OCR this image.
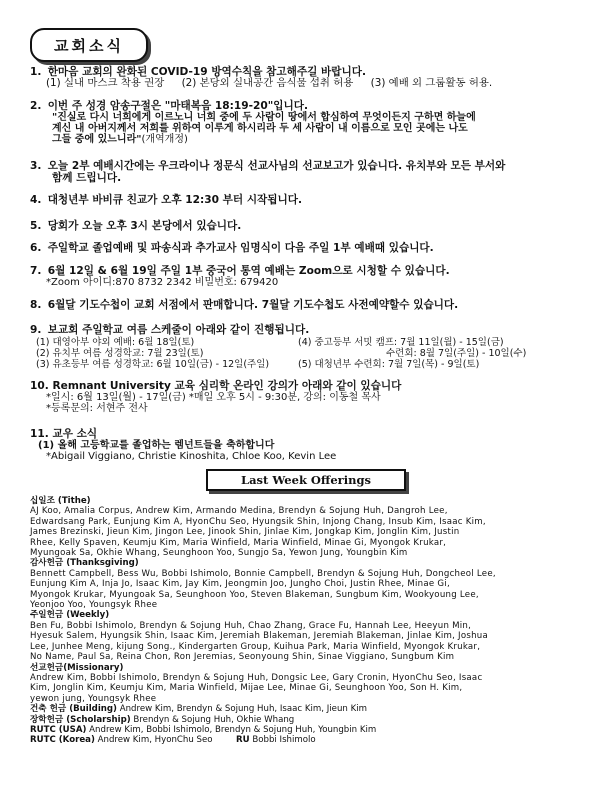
교회소식
1. 한마음 교회의 완화된 COVID-19 방역수칙을 참고해주길 바랍니다.
(1) 실내 마스크 착용 권장 (2) 본당외 실내공간 음식물 섭취 허용 (3) 예배 외 그룹활동 허용.
2. 이번 주 성경 암송구절은 "마태복음 18:19-20"입니다.
"진실로 다시 너희에게 이르노니 너희 중에 두 사람이 땅에서 합심하여 무엇이든지 구하면 하늘에
계신 내 아버지께서 저희를 위하여 이루게 하시리라 두 세 사람이 내 이름으로 모인 곳에는 나도
그들 중에 있느니라"(개역개정)
3. 오늘 2부 예배시간에는 우크라이나 정문식 선교사님의 선교보고가 있습니다. 유치부와 모든 부서와
함께 드립니다.
4. 대청년부 바비큐 친교가 오후 12:30 부터 시작됩니다.
5. 당회가 오늘 오후 3시 본당에서 있습니다.
6. 주일학교 졸업예배 및 파송식과 추가교사 임명식이 다음 주일 1부 예배때 있습니다.
7. 6월 12일 & 6월 19일 주일 1부 중국어 통역 예배는 Zoom으로 시청할 수 있습니다.
*Zoom 아이디:870 8732 2342 비밀번호: 679420
8. 6월달 기도수첩이 교회 서점에서 판매합니다. 7월달 기도수첩도 사전예약할수 있습니다.
9. 보교회 주일학교 여름 스케줄이 아래와 같이 진행됩니다.
(1) 대영아부 야외 예배: 6월 18일(토)	(4) 중고등부 서밋 캠프: 7월 11일(월) - 15일(금)
(2) 유치부 여름 성경학교: 7월 23일(토)	수련회: 8월 7일(주일) - 10일(수)
(3) 유초등부 여름 성경학교: 6월 10일(금) - 12일(주일)	(5) 대청년부 수련회: 7월 7일(목) - 9일(토)
10. Remnant University 교육 심리학 온라인 강의가 아래와 같이 있습니다
*일시: 6월 13일(월) - 17일(금) *매일 오후 5시 - 9:30분, 강의: 이동철 목사
*등록문의: 서현주 전사
11. 교우 소식
(1) 올해 고등학교를 졸업하는 렘넌트들을 축하합니다
*Abigail Viggiano, Christie Kinoshita, Chloe Koo, Kevin Lee
Last Week Offerings
십일조 (Tithe)
AJ Koo, Amalia Corpus, Andrew Kim, Armando Medina, Brendyn & Sojung Huh, Dangroh Lee,
Edwardsang Park, Eunjung Kim A, HyonChu Seo, Hyungsik Shin, Injong Chang, Insub Kim, Isaac Kim,
James Brezinski, Jieun Kim, Jingon Lee, Jinook Shin, Jinlae Kim, Jongkap Kim, Jonglin Kim, Justin
Rhee, Kelly Spaven, Keumju Kim, Maria Winfield, Maria Winfield, Minae Gi, Myongok Krukar,
Myungoak Sa, Okhie Whang, Seunghoon Yoo, Sungjo Sa, Yewon Jung, Youngbin Kim
감사헌금 (Thanksgiving)
Bennett Campbell, Bess Wu, Bobbi Ishimolo, Bonnie Campbell, Brendyn & Sojung Huh, Dongcheol Lee,
Eunjung Kim A, Inja Jo, Isaac Kim, Jay Kim, Jeongmin Joo, Jungho Choi, Justin Rhee, Minae Gi,
Myongok Krukar, Myungoak Sa, Seunghoon Yoo, Steven Blakeman, Sungbum Kim, Wookyoung Lee,
Yeonjoo Yoo, Youngsyk Rhee
주일헌금 (Weekly)
Ben Fu, Bobbi Ishimolo, Brendyn & Sojung Huh, Chao Zhang, Grace Fu, Hannah Lee, Heeyun Min,
Hyesuk Salem, Hyungsik Shin, Isaac Kim, Jeremiah Blakeman, Jeremiah Blakeman, Jinlae Kim, Joshua
Lee, Junhee Meng, kijung Song., Kindergarten Group, Kuihua Park, Maria Winfield, Myongok Krukar,
No Name, Paul Sa, Reina Chon, Ron Jeremias, Seonyoung Shin, Sinae Viggiano, Sungbum Kim
선교헌금(Missionary)
Andrew Kim, Bobbi Ishimolo, Brendyn & Sojung Huh, Dongsic Lee, Gary Cronin, HyonChu Seo, Isaac
Kim, Jonglin Kim, Keumju Kim, Maria Winfield, Mijae Lee, Minae Gi, Seunghoon Yoo, Son H. Kim,
yewon jung, Youngsyk Rhee
건축 헌금 (Building) Andrew Kim, Brendyn & Sojung Huh, Isaac Kim, Jieun Kim
장학헌금 (Scholarship) Brendyn & Sojung Huh, Okhie Whang
RUTC (USA) Andrew Kim, Bobbi Ishimolo, Brendyn & Sojung Huh, Youngbin Kim
RUTC (Korea) Andrew Kim, HyonChu Seo	RU Bobbi Ishimolo
